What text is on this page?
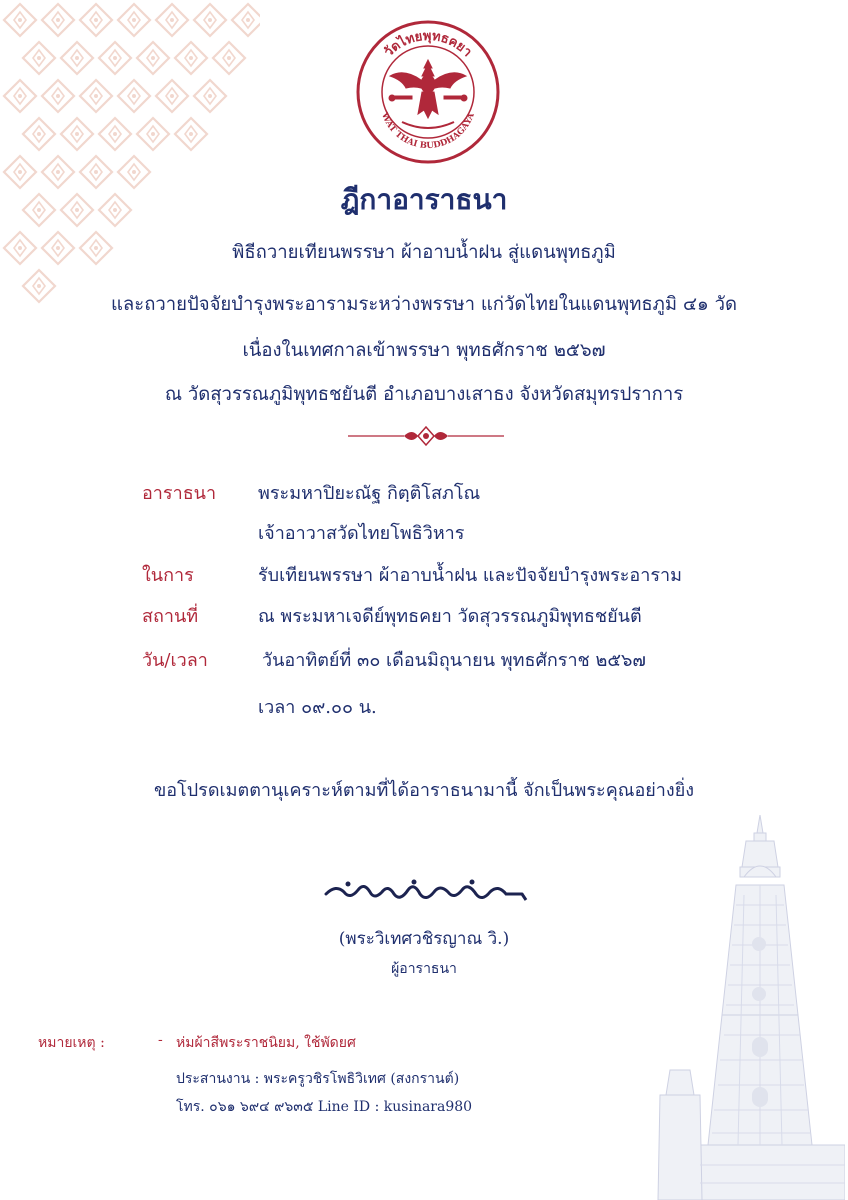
วัดไทยพุทธคยา
WAT THAI BUDDHAGAYA
ฎีกาอาราธนา
พิธีถวายเทียนพรรษา ผ้าอาบน้ำฝน สู่แดนพุทธภูมิ
และถวายปัจจัยบำรุงพระอารามระหว่างพรรษา แก่วัดไทยในแดนพุทธภูมิ ๔๑ วัด
เนื่องในเทศกาลเข้าพรรษา พุทธศักราช ๒๕๖๗
ณ วัดสุวรรณภูมิพุทธชยันตี อำเภอบางเสาธง จังหวัดสมุทรปราการ
อาราธนา พระมหาปิยะณัฐ กิตฺติโสภโณ
เจ้าอาวาสวัดไทยโพธิวิหาร
ในการ	รับเทียนพรรษา ผ้าอาบน้ำฝน และปัจจัยบำรุงพระอาราม
สถานที่	ณ พระมหาเจดีย์พุทธคยา วัดสุวรรณภูมิพุทธชยันตี
วัน/เวลา	วันอาทิตย์ที่ ๓๐ เดือนมิถุนายน พุทธศักราช ๒๕๖๗
เวลา ๐๙.๐๐ น.
ขอโปรดเมตตานุเคราะห์ตามที่ได้อาราธนามานี้ จักเป็นพระคุณอย่างยิ่ง
(พระวิเทศวชิรญาณ วิ.)
ผู้อาราธนา
หมายเหตุ :	- ห่มผ้าสีพระราชนิยม, ใช้พัดยศ
ประสานงาน : พระครูวชิรโพธิวิเทศ (สงกรานต์)
โทร. ๐๖๑ ๖๙๔ ๙๖๓๕ Line ID : kusinara980
